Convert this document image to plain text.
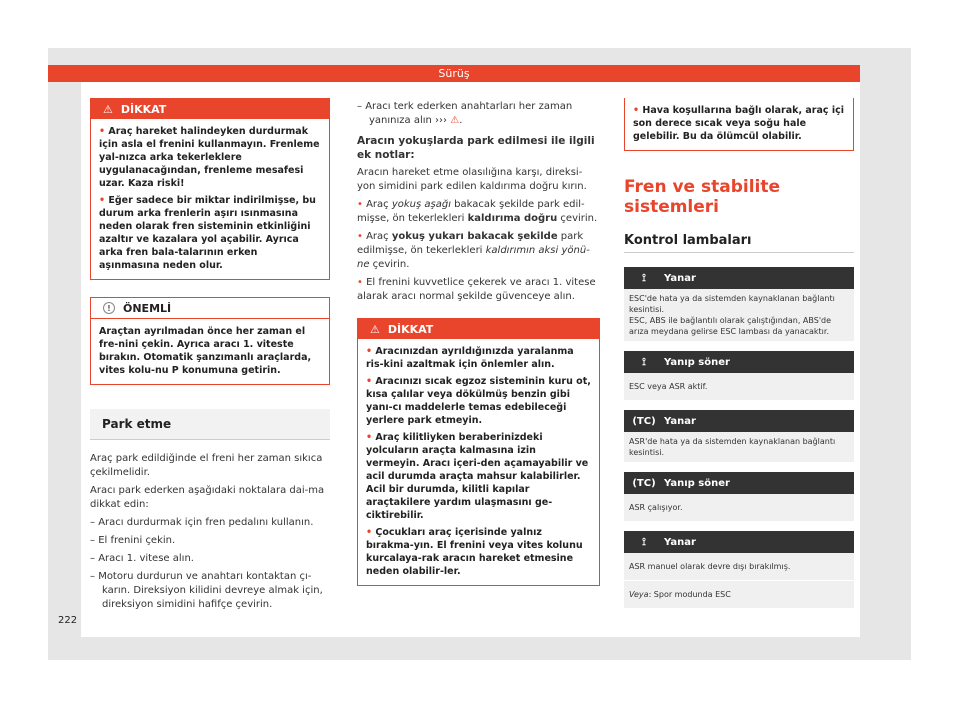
Sürüş
⚠ DİKKAT

• Araç hareket halindeyken durdurmak için asla el frenini kullanmayın. Frenleme yal-nızca arka tekerleklere uygulanacağından, frenleme mesafesi uzar. Kaza riski!

• Eğer sadece bir miktar indirilmişse, bu durum arka frenlerin aşırı ısınmasına neden olarak fren sisteminin etkinliğini azaltır ve kazalara yol açabilir. Ayrıca arka fren bala-talarının erken aşınmasına neden olur.

!	ÖNEMLİ
Araçtan ayrılmadan önce her zaman el fre-nini çekin. Ayrıca aracı 1. viteste bırakın. Otomatik şanzımanlı araçlarda, vites kolu-nu P konumuna getirin.
Park etme

Araç park edildiğinde el freni her zaman sıkıca çekilmelidir.

Aracı park ederken aşağıdaki noktalara dai-ma dikkat edin:

– Aracı durdurmak için fren pedalını kullanın.

– El frenini çekin.

– Aracı 1. vitese alın.

– Motoru durdurun ve anahtarı kontaktan çı-karın. Direksiyon kilidini devreye almak için, direksiyon simidini hafifçe çevirin.

– Aracı terk ederken anahtarları her zaman yanınıza alın ››› ⚠.

Aracın yokuşlarda park edilmesi ile ilgili ek notlar:

Aracın hareket etme olasılığına karşı, direksi-yon simidini park edilen kaldırıma doğru kırın.

• Araç yokuş aşağı bakacak şekilde park edil-mişse, ön tekerlekleri kaldırıma doğru çevirin.

• Araç yokuş yukarı bakacak şekilde park edilmişse, ön tekerlekleri kaldırımın aksi yönü-ne çevirin.

• El frenini kuvvetlice çekerek ve aracı 1. vitese alarak aracı normal şekilde güvenceye alın.

⚠ DİKKAT

• Aracınızdan ayrıldığınızda yaralanma ris-kini azaltmak için önlemler alın.

• Aracınızı sıcak egzoz sisteminin kuru ot, kısa çalılar veya dökülmüş benzin gibi yanı-cı maddelerle temas edebileceği yerlere park etmeyin.

• Araç kilitliyken beraberinizdeki yolcuların araçta kalmasına izin vermeyin. Aracı içeri-den açamayabilir ve acil durumda araçta mahsur kalabilirler. Acil bir durumda, kilitli kapılar araçtakilere yardım ulaşmasını ge-ciktirebilir.

• Çocukları araç içerisinde yalnız bırakma-yın. El frenini veya vites kolunu kurcalaya-rak aracın hareket etmesine neden olabilir-ler.

• Hava koşullarına bağlı olarak, araç içi son derece sıcak veya soğu hale gelebilir. Bu da ölümcül olabilir.

Fren ve stabilite sistemleri
Kontrol lambaları
⟟	Yanar

ESC'de hata ya da sistemden kaynaklanan bağlantı kesintisi.

ESC, ABS ile bağlantılı olarak çalıştığından, ABS'de arıza meydana gelirse ESC lambası da yanacaktır.

⟟	Yanıp söner

ESC veya ASR aktif.

(TC) Yanar

ASR'de hata ya da sistemden kaynaklanan bağlantı kesintisi.

(TC) Yanıp söner

ASR çalışıyor.

⟟	Yanar

ASR manuel olarak devre dışı bırakılmış.

Veya: Spor modunda ESC

222
